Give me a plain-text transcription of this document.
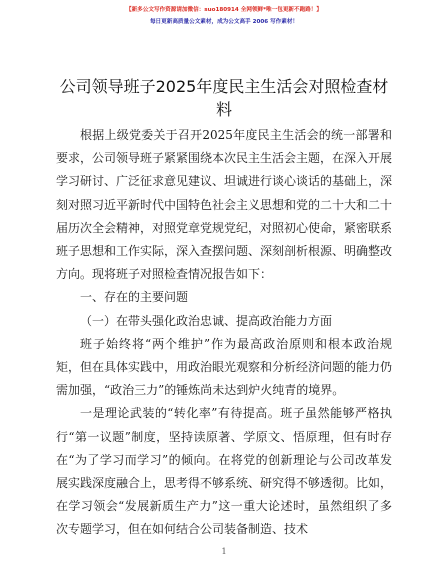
【新多公文写作资源请加微信：suo180914 全网领鲜*唯一包更新不跑路！】
每日更新高质量公文素材，成为公文高手 2006 写作素材！
公司领导班子2025年度民主生活会对照检查材料

根据上级党委关于召开2025年度民主生活会的统一部署和要求，公司领导班子紧紧围绕本次民主生活会主题，在深入开展学习研讨、广泛征求意见建议、坦诚进行谈心谈话的基础上，深刻对照习近平新时代中国特色社会主义思想和党的二十大和二十届历次全会精神，对照党章党规党纪，对照初心使命，紧密联系班子思想和工作实际，深入查摆问题、深刻剖析根源、明确整改方向。现将班子对照检查情况报告如下：

一、存在的主要问题

（一）在带头强化政治忠诚、提高政治能力方面

班子始终将“两个维护”作为最高政治原则和根本政治规矩，但在具体实践中，用政治眼光观察和分析经济问题的能力仍需加强，“政治三力”的锤炼尚未达到炉火纯青的境界。

一是理论武装的“转化率”有待提高。班子虽然能够严格执行“第一议题”制度，坚持读原著、学原文、悟原理，但有时存在“为了学习而学习”的倾向。在将党的创新理论与公司改革发展实践深度融合上，思考得不够系统、研究得不够透彻。比如，在学习领会“发展新质生产力”这一重大论述时，虽然组织了多次专题学习，但在如何结合公司装备制造、技术

1
